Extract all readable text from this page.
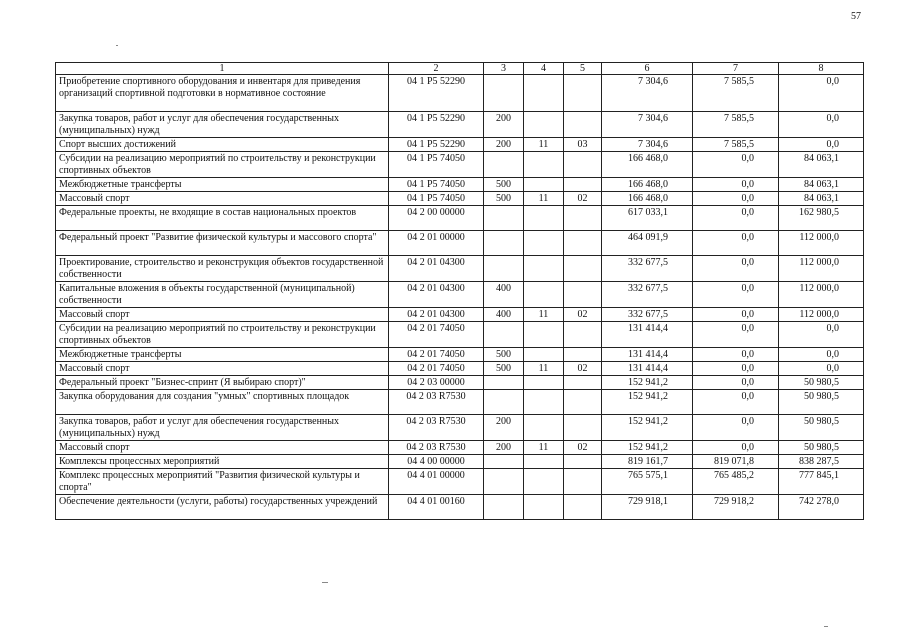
57
1	2	3	4	5	6	7	8
Приобретение спортивного оборудования и инвентаря для приведения организаций спортивной подготовки в нормативное состояние	04 1 P5 52290				7 304,6	7 585,5	0,0
Закупка товаров, работ и услуг для обеспечения государственных (муниципальных) нужд	04 1 P5 52290	200			7 304,6	7 585,5	0,0
Спорт высших достижений	04 1 P5 52290	200	11	03	7 304,6	7 585,5	0,0
Субсидии на реализацию мероприятий по строительству и реконструкции спортивных объектов	04 1 P5 74050				166 468,0	0,0	84 063,1
Межбюджетные трансферты	04 1 P5 74050	500			166 468,0	0,0	84 063,1
Массовый спорт	04 1 P5 74050	500	11	02	166 468,0	0,0	84 063,1
Федеральные проекты, не входящие в состав национальных проектов	04 2 00 00000				617 033,1	0,0	162 980,5
Федеральный проект "Развитие физической культуры и массового спорта"	04 2 01 00000				464 091,9	0,0	112 000,0
Проектирование, строительство и реконструкция объектов государственной собственности	04 2 01 04300				332 677,5	0,0	112 000,0
Капитальные вложения в объекты государственной (муниципальной) собственности	04 2 01 04300	400			332 677,5	0,0	112 000,0
Массовый спорт	04 2 01 04300	400	11	02	332 677,5	0,0	112 000,0
Субсидии на реализацию мероприятий по строительству и реконструкции спортивных объектов	04 2 01 74050				131 414,4	0,0	0,0
Межбюджетные трансферты	04 2 01 74050	500			131 414,4	0,0	0,0
Массовый спорт	04 2 01 74050	500	11	02	131 414,4	0,0	0,0
Федеральный проект "Бизнес-спринт (Я выбираю спорт)"	04 2 03 00000				152 941,2	0,0	50 980,5
Закупка оборудования для создания "умных" спортивных площадок	04 2 03 R7530				152 941,2	0,0	50 980,5
Закупка товаров, работ и услуг для обеспечения государственных (муниципальных) нужд	04 2 03 R7530	200			152 941,2	0,0	50 980,5
Массовый спорт	04 2 03 R7530	200	11	02	152 941,2	0,0	50 980,5
Комплексы процессных мероприятий	04 4 00 00000				819 161,7	819 071,8	838 287,5
Комплекс процессных мероприятий "Развития физической культуры и спорта"	04 4 01 00000				765 575,1	765 485,2	777 845,1
Обеспечение деятельности (услуги, работы) государственных учреждений	04 4 01 00160				729 918,1	729 918,2	742 278,0
